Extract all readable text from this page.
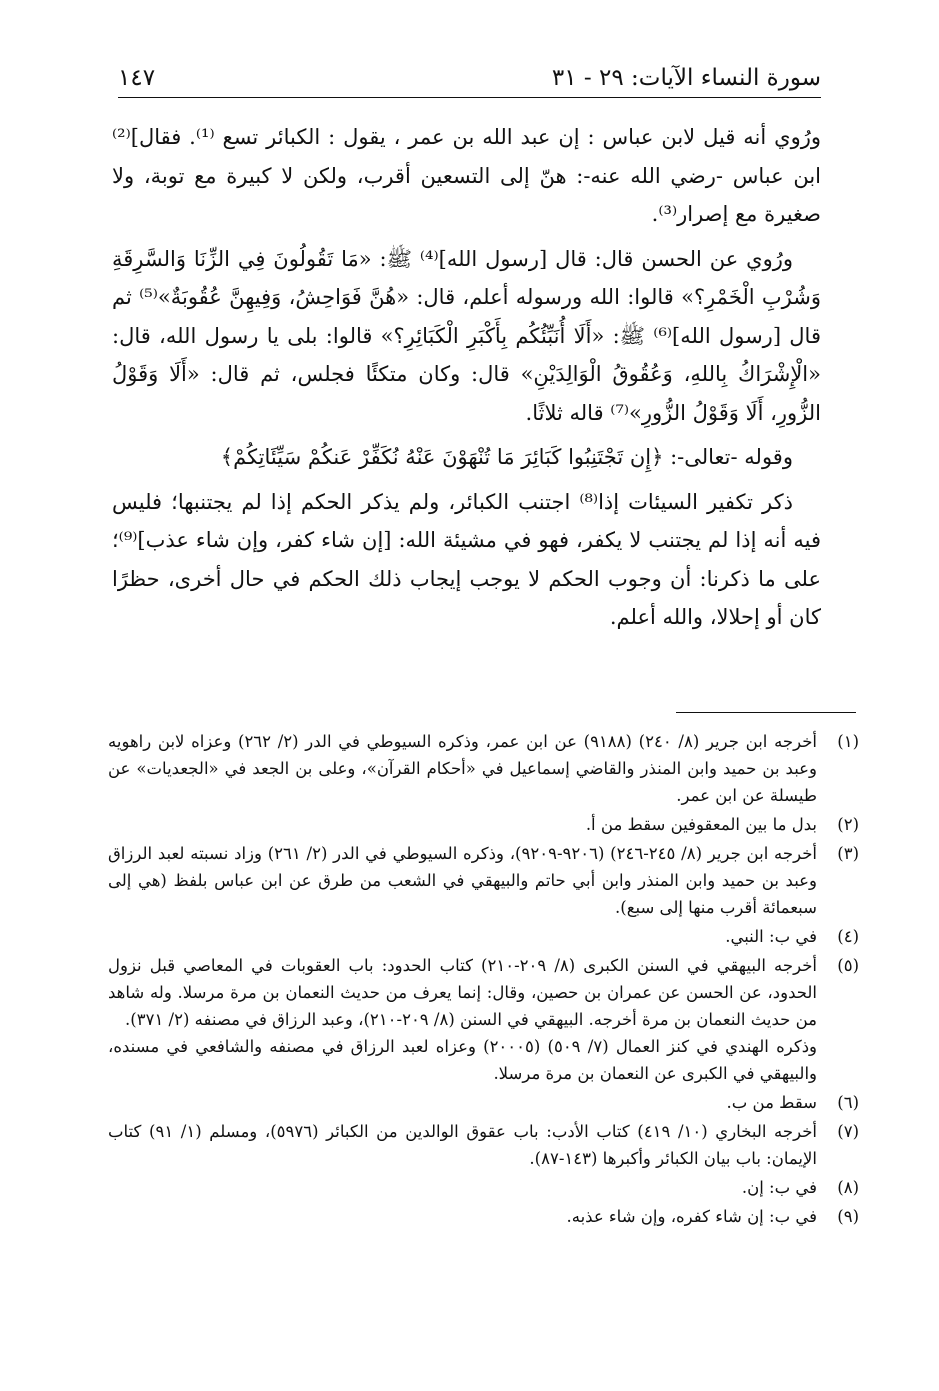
١٤٧	سورة النساء الآيات: ٢٩ - ٣١

ورُوي أنه قيل لابن عباس : إن عبد الله بن عمر ، يقول : الكبائر تسع ⁽¹⁾. فقال]⁽²⁾ ابن عباس -رضي الله عنه-: هنّ إلى التسعين أقرب، ولكن لا كبيرة مع توبة، ولا صغيرة مع إصرار⁽³⁾.

ورُوي عن الحسن قال: قال [رسول الله]⁽⁴⁾ ﷺ: «مَا تَقُولُونَ فِي الزِّنَا وَالسَّرِقَةِ وَشُرْبِ الْخَمْرِ؟» قالوا: الله ورسوله أعلم، قال: «هُنَّ فَوَاحِشُ، وَفِيهِنَّ عُقُوبَةٌ»⁽⁵⁾ ثم قال [رسول الله]⁽⁶⁾ ﷺ: «أَلَا أُنَبِّئُكُم بِأَكْبَرِ الْكَبَائِرِ؟» قالوا: بلى يا رسول الله، قال: «الْإِشْرَاكُ بِاللهِ، وَعُقُوقُ الْوَالِدَيْنِ» قال: وكان متكئًا فجلس، ثم قال: «أَلَا وَقَوْلُ الزُّورِ، أَلَا وَقَوْلُ الزُّورِ»⁽⁷⁾ قاله ثلاثًا.

وقوله -تعالى-: ﴿إِن تَجْتَنِبُوا كَبَائِرَ مَا تُنْهَوْنَ عَنْهُ نُكَفِّرْ عَنكُمْ سَيِّئَاتِكُمْ﴾

ذكر تكفير السيئات إذا⁽⁸⁾ اجتنب الكبائر، ولم يذكر الحكم إذا لم يجتنبها؛ فليس فيه أنه إذا لم يجتنب لا يكفر، فهو في مشيئة الله: [إن شاء كفر، وإن شاء عذب]⁽⁹⁾؛ على ما ذكرنا: أن وجوب الحكم لا يوجب إيجاب ذلك الحكم في حال أخرى، حظرًا كان أو إحلالا، والله أعلم.

(١)
أخرجه ابن جرير (٨/ ٢٤٠) (٩١٨٨) عن ابن عمر، وذكره السيوطي في الدر (٢/ ٢٦٢) وعزاه لابن راهويه وعبد بن حميد وابن المنذر والقاضي إسماعيل في «أحكام القرآن»، وعلى بن الجعد في «الجعديات» عن طيسلة عن ابن عمر.
(٢)
بدل ما بين المعقوفين سقط من أ.
(٣)
أخرجه ابن جرير (٨/ ٢٤٥-٢٤٦) (٩٢٠٦-٩٢٠٩)، وذكره السيوطي في الدر (٢/ ٢٦١) وزاد نسبته لعبد الرزاق وعبد بن حميد وابن المنذر وابن أبي حاتم والبيهقي في الشعب من طرق عن ابن عباس بلفظ (هي إلى سبعمائة أقرب منها إلى سبع).
(٤)
في ب: النبي.
(٥)
أخرجه البيهقي في السنن الكبرى (٨/ ٢٠٩-٢١٠) كتاب الحدود: باب العقوبات في المعاصي قبل نزول الحدود، عن الحسن عن عمران بن حصين، وقال: إنما يعرف من حديث النعمان بن مرة مرسلا. وله شاهد من حديث النعمان بن مرة أخرجه. البيهقي في السنن (٨/ ٢٠٩-٢١٠)، وعبد الرزاق في مصنفه (٢/ ٣٧١).
وذكره الهندي في كنز العمال (٧/ ٥٠٩) (٢٠٠٠٥) وعزاه لعبد الرزاق في مصنفه والشافعي في مسنده، والبيهقي في الكبرى عن النعمان بن مرة مرسلا.
(٦)
سقط من ب.
(٧)
أخرجه البخاري (١٠/ ٤١٩) كتاب الأدب: باب عقوق الوالدين من الكبائر (٥٩٧٦)، ومسلم (١/ ٩١) كتاب الإيمان: باب بيان الكبائر وأكبرها (١٤٣-٨٧).
(٨)
في ب: إن.
(٩)
في ب: إن شاء كفره، وإن شاء عذبه.
